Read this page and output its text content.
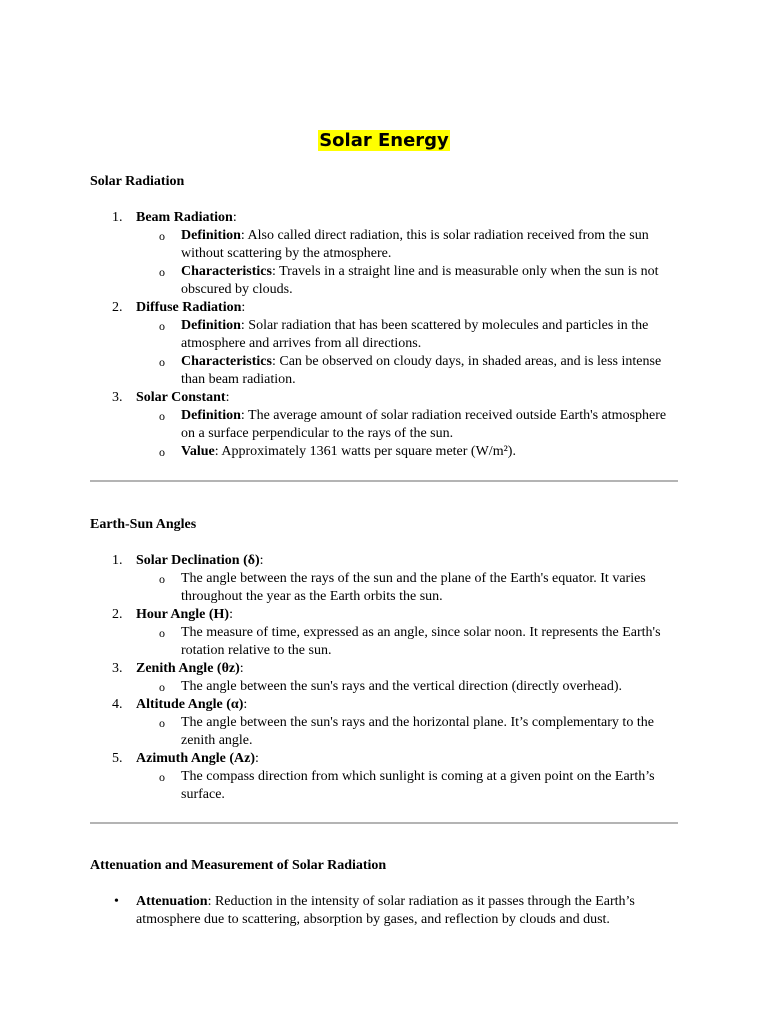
Solar Energy
Solar Radiation
1. Beam Radiation:
o Definition: Also called direct radiation, this is solar radiation received from the sun without scattering by the atmosphere.
o Characteristics: Travels in a straight line and is measurable only when the sun is not obscured by clouds.
2. Diffuse Radiation:
o Definition: Solar radiation that has been scattered by molecules and particles in the atmosphere and arrives from all directions.
o Characteristics: Can be observed on cloudy days, in shaded areas, and is less intense than beam radiation.
3. Solar Constant:
o Definition: The average amount of solar radiation received outside Earth's atmosphere on a surface perpendicular to the rays of the sun.
o Value: Approximately 1361 watts per square meter (W/m²).
Earth-Sun Angles
1. Solar Declination (δ):
o The angle between the rays of the sun and the plane of the Earth's equator. It varies throughout the year as the Earth orbits the sun.
2. Hour Angle (H):
o The measure of time, expressed as an angle, since solar noon. It represents the Earth's rotation relative to the sun.
3. Zenith Angle (θz):
o The angle between the sun's rays and the vertical direction (directly overhead).
4. Altitude Angle (α):
o The angle between the sun's rays and the horizontal plane. It’s complementary to the zenith angle.
5. Azimuth Angle (Az):
o The compass direction from which sunlight is coming at a given point on the Earth’s surface.
Attenuation and Measurement of Solar Radiation
• Attenuation: Reduction in the intensity of solar radiation as it passes through the Earth’s atmosphere due to scattering, absorption by gases, and reflection by clouds and dust.
